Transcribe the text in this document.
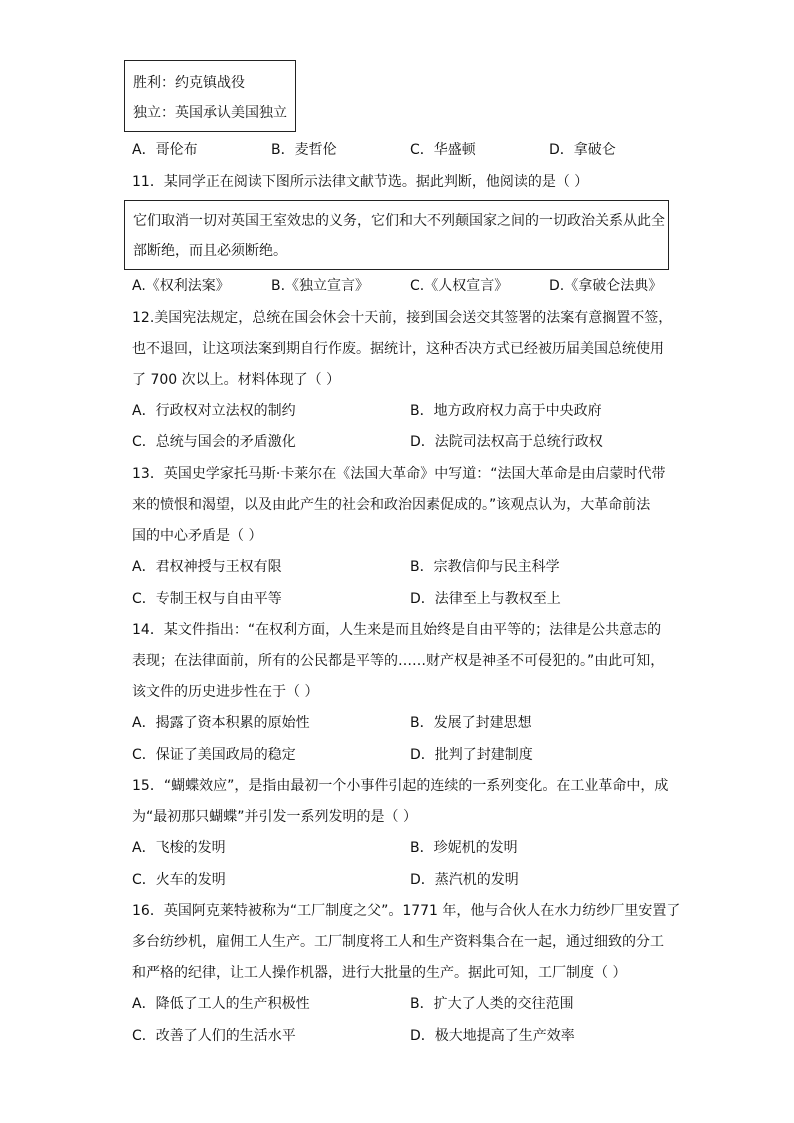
胜利：约克镇战役
独立：英国承认美国独立
A．哥伦布	B．麦哲伦	C．华盛顿	D．拿破仑
11．某同学正在阅读下图所示法律文献节选。据此判断，他阅读的是（ ）
它们取消一切对英国王室效忠的义务，它们和大不列颠国家之间的一切政治关系从此全
部断绝，而且必须断绝。
A.《权利法案》	B.《独立宣言》	C.《人权宣言》	D.《拿破仑法典》
12.美国宪法规定，总统在国会休会十天前，接到国会送交其签署的法案有意搁置不签，
也不退回，让这项法案到期自行作废。据统计，这种否决方式已经被历届美国总统使用
了 700 次以上。材料体现了（ ）
A．行政权对立法权的制约	B．地方政府权力高于中央政府
C．总统与国会的矛盾激化	D．法院司法权高于总统行政权
13．英国史学家托马斯·卡莱尔在《法国大革命》中写道：“法国大革命是由启蒙时代带
来的愤恨和渴望，以及由此产生的社会和政治因素促成的。”该观点认为，大革命前法
国的中心矛盾是（ ）
A．君权神授与王权有限	B．宗教信仰与民主科学
C．专制王权与自由平等	D．法律至上与教权至上
14．某文件指出：“在权利方面，人生来是而且始终是自由平等的；法律是公共意志的
表现；在法律面前，所有的公民都是平等的……财产权是神圣不可侵犯的。”由此可知，
该文件的历史进步性在于（ ）
A．揭露了资本积累的原始性	B．发展了封建思想
C．保证了美国政局的稳定	D．批判了封建制度
15．“蝴蝶效应”，是指由最初一个小事件引起的连续的一系列变化。在工业革命中，成
为“最初那只蝴蝶”并引发一系列发明的是（ ）
A．飞梭的发明	B．珍妮机的发明
C．火车的发明	D．蒸汽机的发明
16．英国阿克莱特被称为“工厂制度之父”。1771 年，他与合伙人在水力纺纱厂里安置了
多台纺纱机，雇佣工人生产。工厂制度将工人和生产资料集合在一起，通过细致的分工
和严格的纪律，让工人操作机器，进行大批量的生产。据此可知，工厂制度（ ）
A．降低了工人的生产积极性	B．扩大了人类的交往范围
C．改善了人们的生活水平	D．极大地提高了生产效率
